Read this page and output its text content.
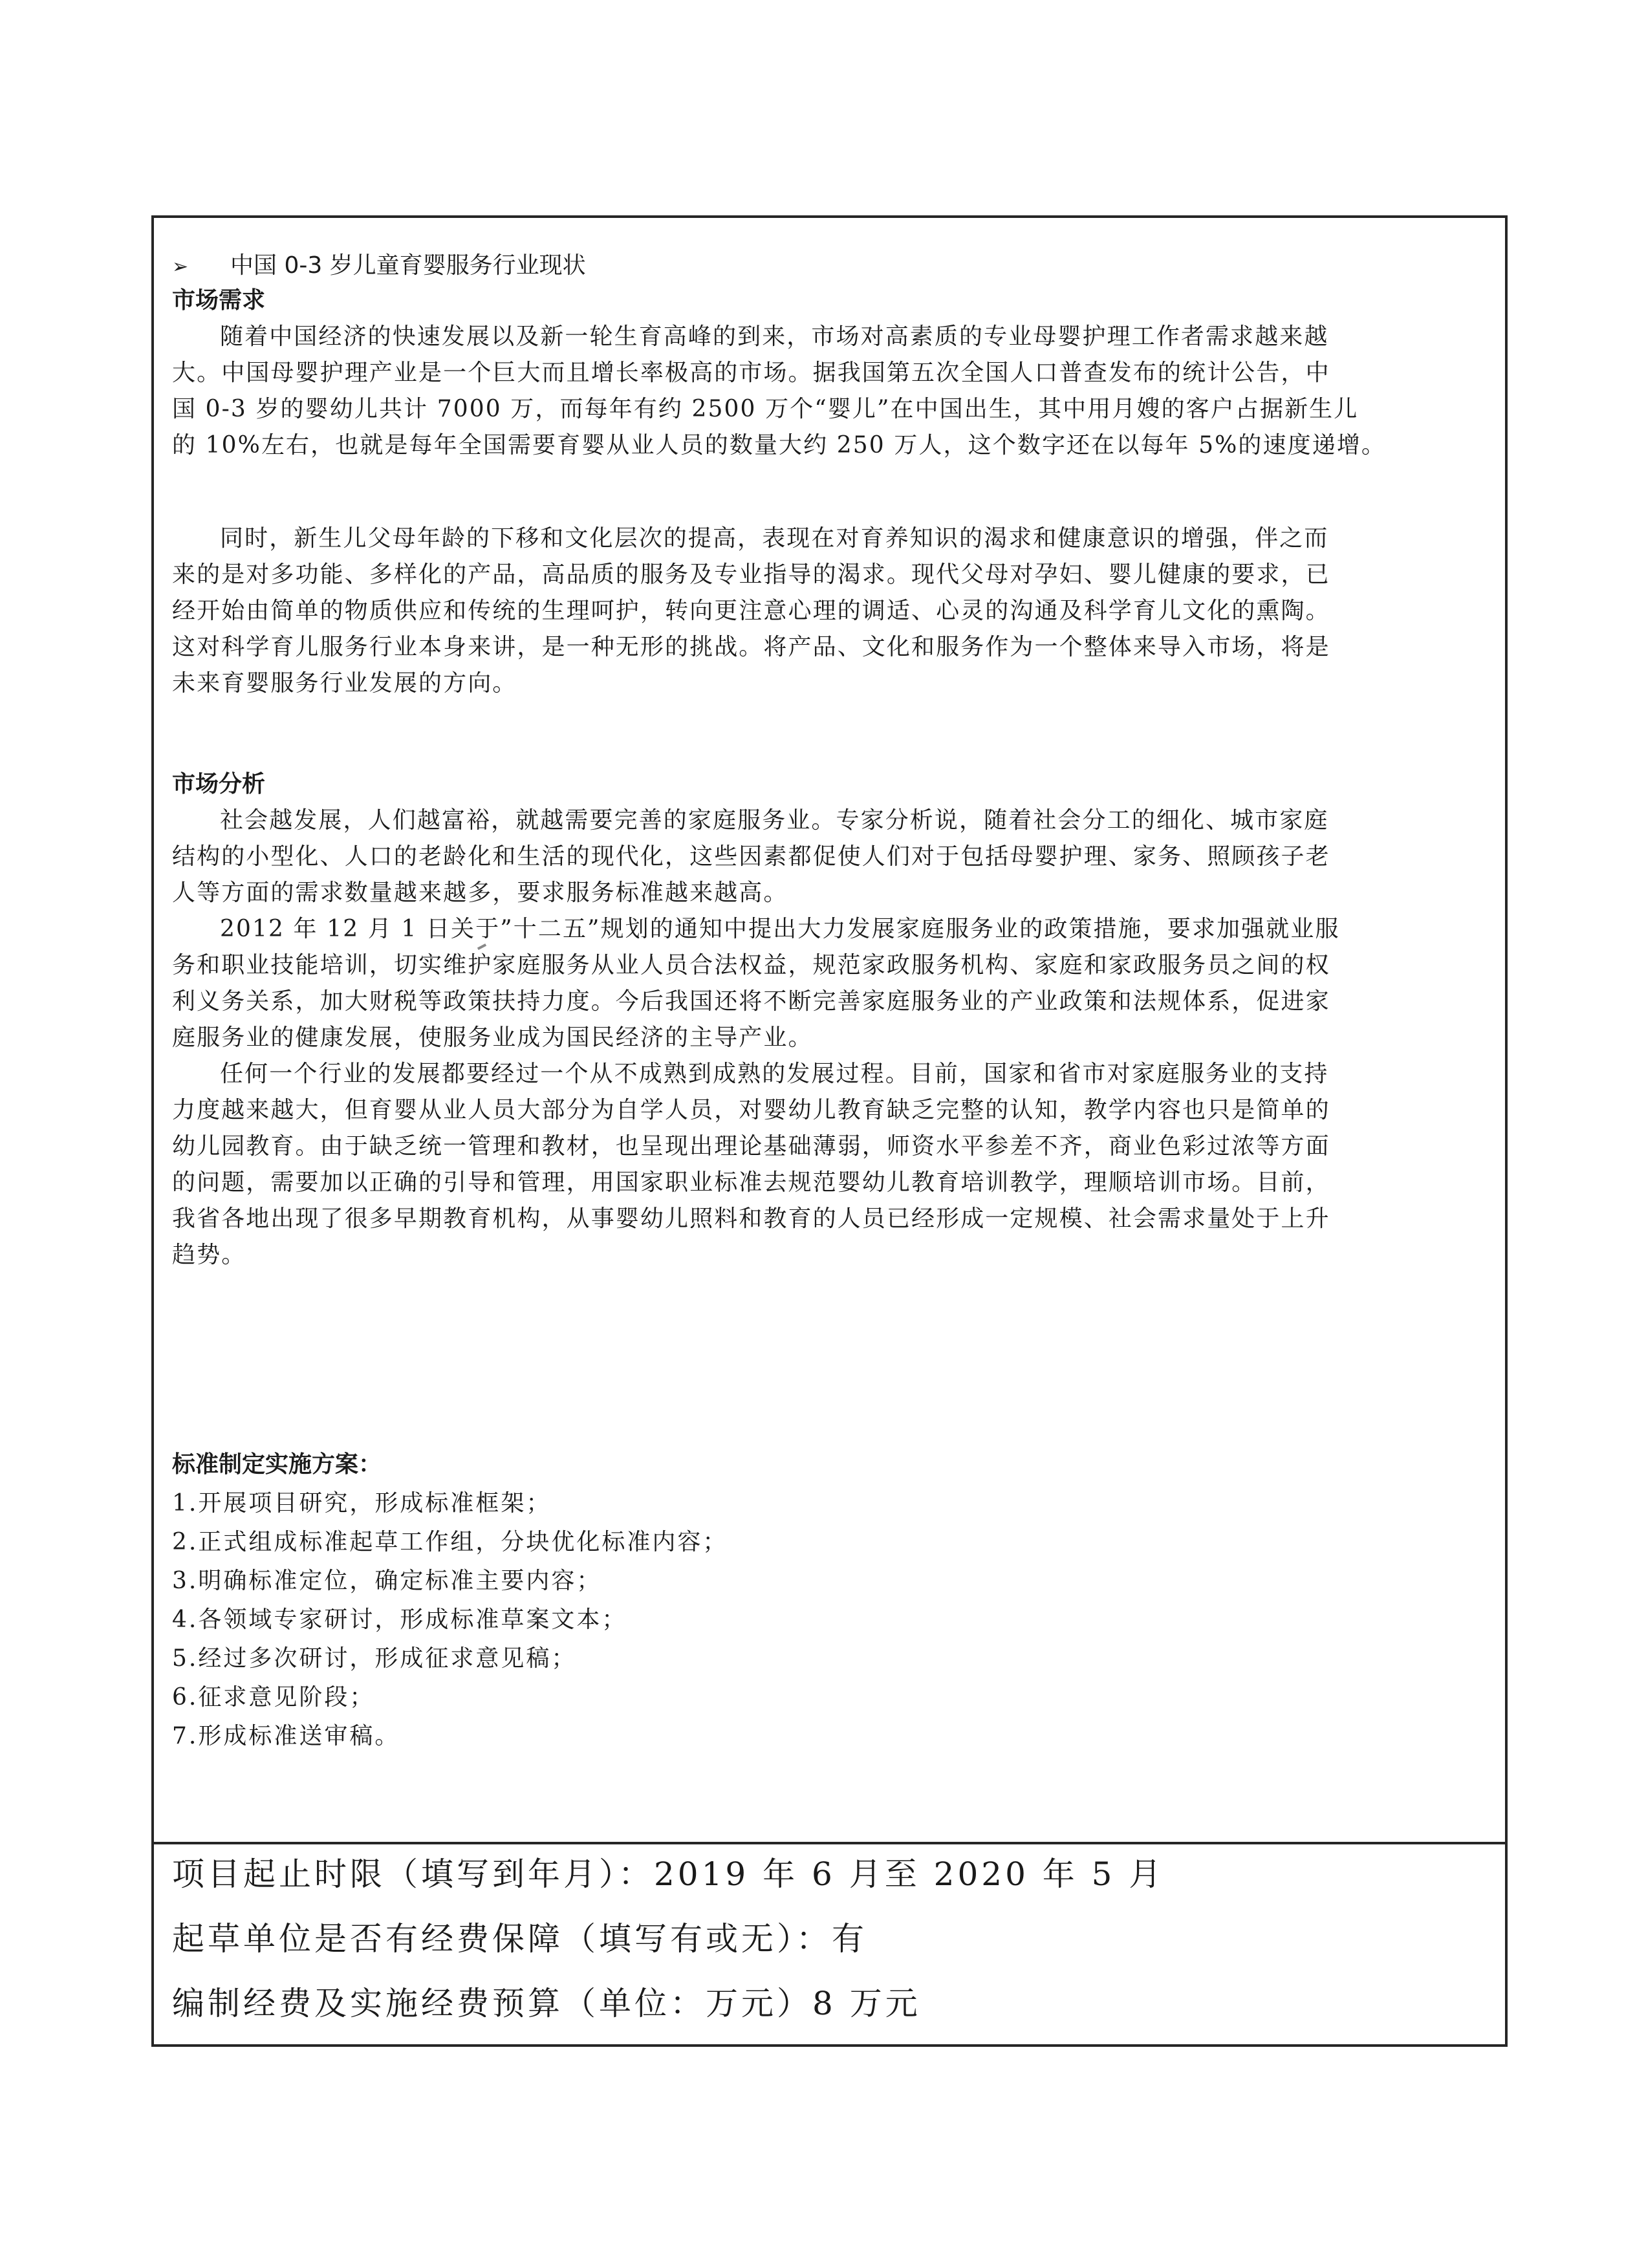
➢ 中国 0-3 岁儿童育婴服务行业现状
市场需求
随着中国经济的快速发展以及新一轮生育高峰的到来，市场对高素质的专业母婴护理工作者需求越来越
大。中国母婴护理产业是一个巨大而且增长率极高的市场。据我国第五次全国人口普查发布的统计公告，中
国 0-3 岁的婴幼儿共计 7000 万，而每年有约 2500 万个“婴儿”在中国出生，其中用月嫂的客户占据新生儿
的 10%左右，也就是每年全国需要育婴从业人员的数量大约 250 万人，这个数字还在以每年 5%的速度递增。
同时，新生儿父母年龄的下移和文化层次的提高，表现在对育养知识的渴求和健康意识的增强，伴之而
来的是对多功能、多样化的产品，高品质的服务及专业指导的渴求。现代父母对孕妇、婴儿健康的要求，已
经开始由简单的物质供应和传统的生理呵护，转向更注意心理的调适、心灵的沟通及科学育儿文化的熏陶。
这对科学育儿服务行业本身来讲，是一种无形的挑战。将产品、文化和服务作为一个整体来导入市场，将是
未来育婴服务行业发展的方向。
市场分析
社会越发展，人们越富裕，就越需要完善的家庭服务业。专家分析说，随着社会分工的细化、城市家庭
结构的小型化、人口的老龄化和生活的现代化，这些因素都促使人们对于包括母婴护理、家务、照顾孩子老
人等方面的需求数量越来越多，要求服务标准越来越高。
2012 年 12 月 1 日关于”十二五”规划的通知中提出大力发展家庭服务业的政策措施，要求加强就业服
务和职业技能培训，切实维护家庭服务从业人员合法权益，规范家政服务机构、家庭和家政服务员之间的权
利义务关系，加大财税等政策扶持力度。今后我国还将不断完善家庭服务业的产业政策和法规体系，促进家
庭服务业的健康发展，使服务业成为国民经济的主导产业。
任何一个行业的发展都要经过一个从不成熟到成熟的发展过程。目前，国家和省市对家庭服务业的支持
力度越来越大，但育婴从业人员大部分为自学人员，对婴幼儿教育缺乏完整的认知，教学内容也只是简单的
幼儿园教育。由于缺乏统一管理和教材，也呈现出理论基础薄弱，师资水平参差不齐，商业色彩过浓等方面
的问题，需要加以正确的引导和管理，用国家职业标准去规范婴幼儿教育培训教学，理顺培训市场。目前，
我省各地出现了很多早期教育机构，从事婴幼儿照料和教育的人员已经形成一定规模、社会需求量处于上升
趋势。
标准制定实施方案：
1.开展项目研究，形成标准框架；
2.正式组成标准起草工作组，分块优化标准内容；
3.明确标准定位，确定标准主要内容；
4.各领域专家研讨，形成标准草案文本；
5.经过多次研讨，形成征求意见稿；
6.征求意见阶段；
7.形成标准送审稿。
项目起止时限（填写到年月）：2019 年 6 月至 2020 年 5 月
起草单位是否有经费保障（填写有或无）：有
编制经费及实施经费预算（单位：万元）8 万元
